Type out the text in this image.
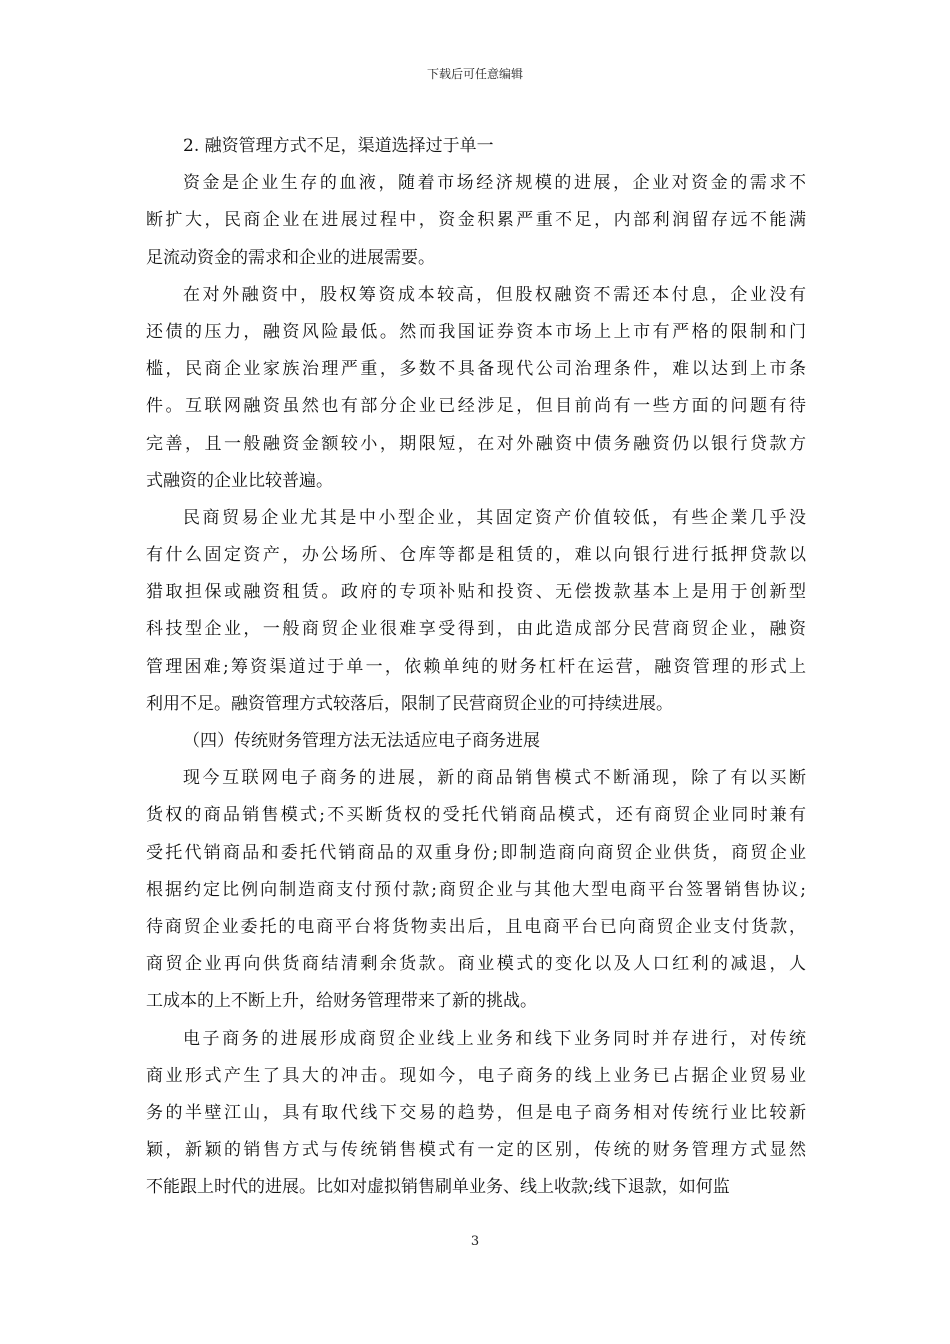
下载后可任意编辑
2. 融资管理方式不足，渠道选择过于单一
资金是企业生存的血液，随着市场经济规模的进展，企业对资金的需求不
断扩大，民商企业在进展过程中，资金积累严重不足，内部利润留存远不能满
足流动资金的需求和企业的进展需要。
在对外融资中，股权筹资成本较高，但股权融资不需还本付息，企业没有
还债的压力，融资风险最低。然而我国证券资本市场上上市有严格的限制和门
槛，民商企业家族治理严重，多数不具备现代公司治理条件，难以达到上市条
件。互联网融资虽然也有部分企业已经涉足，但目前尚有一些方面的问题有待
完善，且一般融资金额较小，期限短，在对外融资中债务融资仍以银行贷款方
式融资的企业比较普遍。
民商贸易企业尤其是中小型企业，其固定资产价值较低，有些企業几乎没
有什么固定资产，办公场所、仓库等都是租赁的，难以向银行进行抵押贷款以
猎取担保或融资租赁。政府的专项补贴和投资、无偿拨款基本上是用于创新型
科技型企业，一般商贸企业很难享受得到，由此造成部分民营商贸企业，融资
管理困难;筹资渠道过于单一，依赖单纯的财务杠杆在运营，融资管理的形式上
利用不足。融资管理方式较落后，限制了民营商贸企业的可持续进展。
（四）传统财务管理方法无法适应电子商务进展
现今互联网电子商务的进展，新的商品销售模式不断涌现，除了有以买断
货权的商品销售模式;不买断货权的受托代销商品模式，还有商贸企业同时兼有
受托代销商品和委托代销商品的双重身份;即制造商向商贸企业供货，商贸企业
根据约定比例向制造商支付预付款;商贸企业与其他大型电商平台签署销售协议;
待商贸企业委托的电商平台将货物卖出后，且电商平台已向商贸企业支付货款，
商贸企业再向供货商结清剩余货款。商业模式的变化以及人口红利的减退，人
工成本的上不断上升，给财务管理带来了新的挑战。
电子商务的进展形成商贸企业线上业务和线下业务同时并存进行，对传统
商业形式产生了具大的冲击。现如今，电子商务的线上业务已占据企业贸易业
务的半壁江山，具有取代线下交易的趋势，但是电子商务相对传统行业比较新
颖，新颖的销售方式与传统销售模式有一定的区别，传统的财务管理方式显然
不能跟上时代的进展。比如对虚拟销售刷单业务、线上收款;线下退款，如何监
3
